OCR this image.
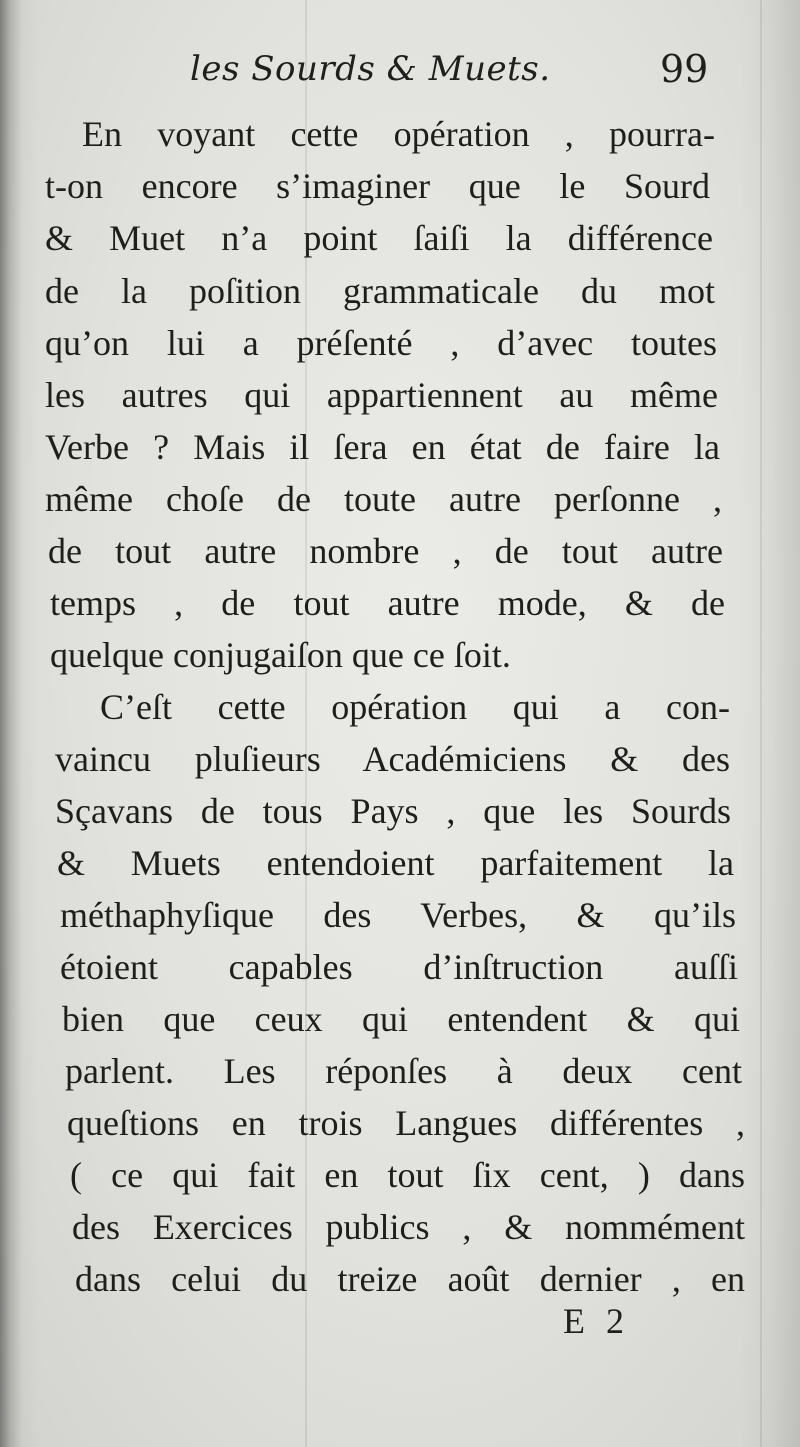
les Sourds & Muets.	99
En voyant cette opération , pourra-
t-on encore s’imaginer que le Sourd
& Muet n’a point ſaiſi la différence
de la poſition grammaticale du mot
qu’on lui a préſenté , d’avec toutes
les autres qui appartiennent au même
Verbe ? Mais il ſera en état de faire la
même choſe de toute autre perſonne ,
de tout autre nombre , de tout autre
temps , de tout autre mode, & de
quelque conjugaiſon que ce ſoit.
C’eſt cette opération qui a con-
vaincu pluſieurs Académiciens & des
Sçavans de tous Pays , que les Sourds
& Muets entendoient parfaitement la
méthaphyſique des Verbes, & qu’ils
étoient capables d’inſtruction auſſi
bien que ceux qui entendent & qui
parlent. Les réponſes à deux cent
queſtions en trois Langues différentes ,
( ce qui fait en tout ſix cent, ) dans
des Exercices publics , & nommément
dans celui du treize août dernier , en
E 2
